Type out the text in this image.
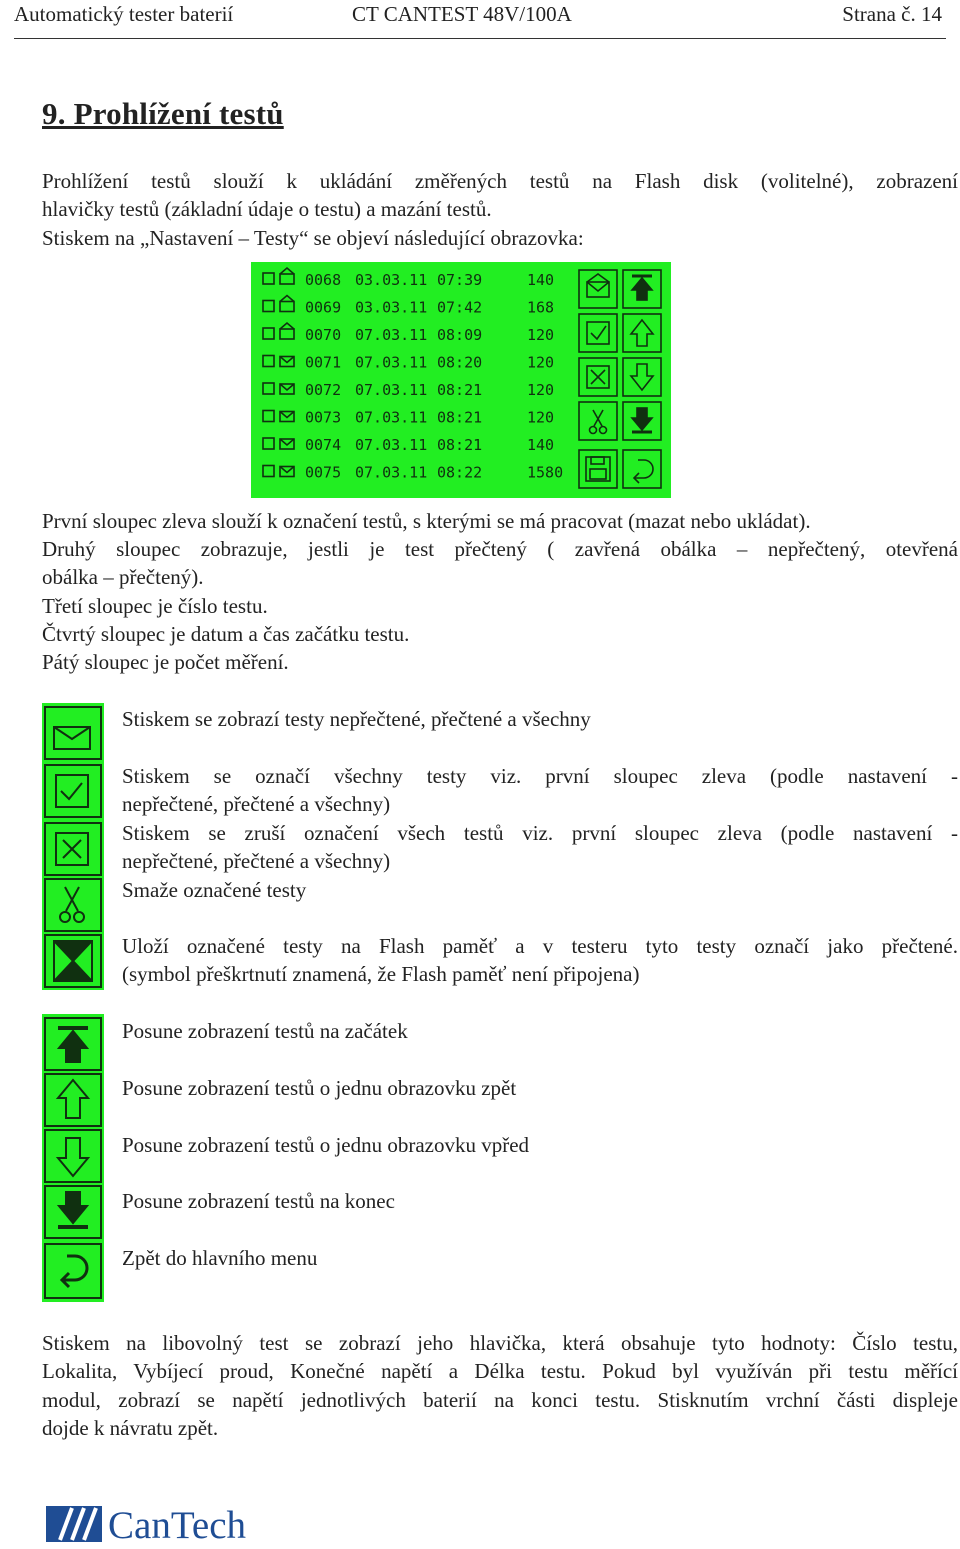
Automatický tester baterií	CT CANTEST 48V/100A	Strana č. 14
9. Prohlížení testů

Prohlížení testů slouží k ukládání změřených testů na Flash disk (volitelné), zobrazení

hlavičky testů (základní údaje o testu) a mazání testů.

Stiskem na „Nastavení – Testy“ se objeví následující obrazovka:

0068 03.03.11 07:39	140
0069 03.03.11 07:42	168
0070 07.03.11 08:09	120
0071 07.03.11 08:20	120
0072 07.03.11 08:21	120
0073 07.03.11 08:21	120
0074 07.03.11 08:21	140
0075 07.03.11 08:22	1580

První sloupec zleva slouží k označení testů, s kterými se má pracovat (mazat nebo ukládat).

Druhý sloupec zobrazuje, jestli je test přečtený ( zavřená obálka – nepřečtený, otevřená

obálka – přečtený).

Třetí sloupec je číslo testu.

Čtvrtý sloupec je datum a čas začátku testu.

Pátý sloupec je počet měření.

Stiskem se zobrazí testy nepřečtené, přečtené a všechny

Stiskem se označí všechny testy viz. první sloupec zleva (podle nastavení -

nepřečtené, přečtené a všechny)

Stiskem se zruší označení všech testů viz. první sloupec zleva (podle nastavení -

nepřečtené, přečtené a všechny)

Smaže označené testy

Uloží označené testy na Flash paměť a v testeru tyto testy označí jako přečtené.

(symbol přeškrtnutí znamená, že Flash paměť není připojena)

Posune zobrazení testů na začátek

Posune zobrazení testů o jednu obrazovku zpět

Posune zobrazení testů o jednu obrazovku vpřed

Posune zobrazení testů na konec

Zpět do hlavního menu

Stiskem na libovolný test se zobrazí jeho hlavička, která obsahuje tyto hodnoty: Číslo testu,

Lokalita, Vybíjecí proud, Konečné napětí a Délka testu. Pokud byl využíván při testu měřící

modul, zobrazí se napětí jednotlivých baterií na konci testu. Stisknutím vrchní části displeje

dojde k návratu zpět.

CanTech
